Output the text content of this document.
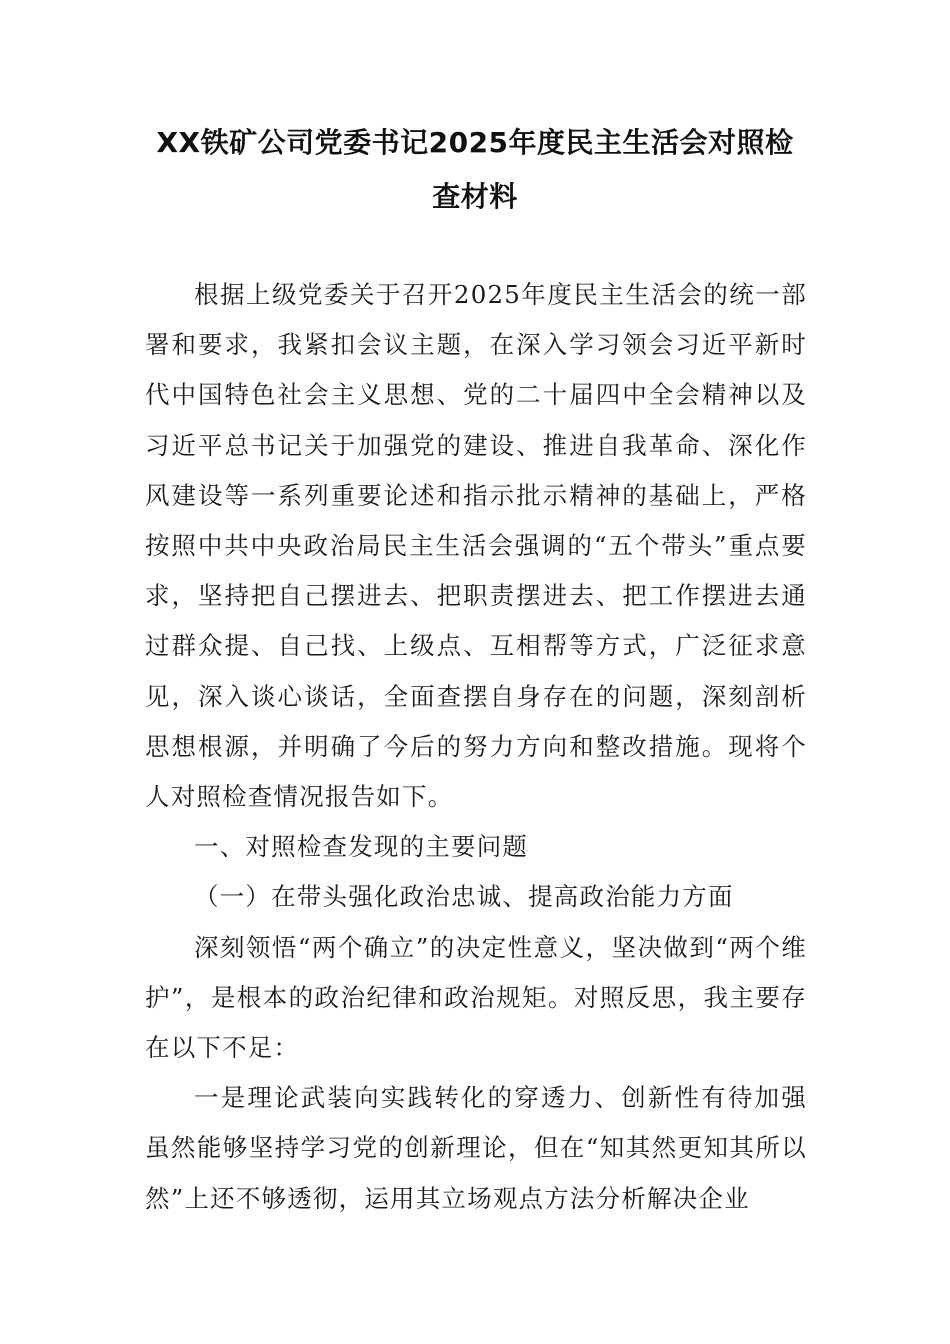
XX铁矿公司党委书记2025年度民主生活会对照检查材料

根据上级党委关于召开2025年度民主生活会的统一部署和要求，我紧扣会议主题，在深入学习领会习近平新时代中国特色社会主义思想、党的二十届四中全会精神以及习近平总书记关于加强党的建设、推进自我革命、深化作风建设等一系列重要论述和指示批示精神的基础上，严格按照中共中央政治局民主生活会强调的“五个带头”重点要求，坚持把自己摆进去、把职责摆进去、把工作摆进去通过群众提、自己找、上级点、互相帮等方式，广泛征求意见，深入谈心谈话，全面查摆自身存在的问题，深刻剖析思想根源，并明确了今后的努力方向和整改措施。现将个人对照检查情况报告如下。

一、对照检查发现的主要问题

（一）在带头强化政治忠诚、提高政治能力方面

深刻领悟“两个确立”的决定性意义，坚决做到“两个维护”，是根本的政治纪律和政治规矩。对照反思，我主要存在以下不足：

一是理论武装向实践转化的穿透力、创新性有待加强虽然能够坚持学习党的创新理论，但在“知其然更知其所以然”上还不够透彻，运用其立场观点方法分析解决企业
